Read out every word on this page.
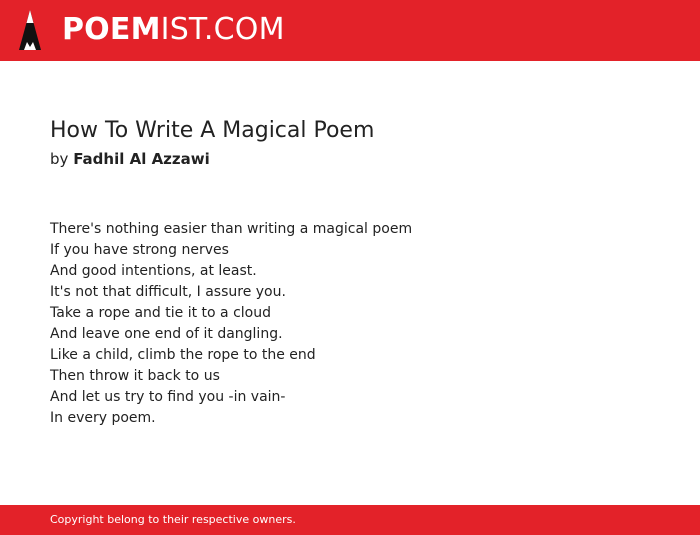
POEMIST.COM
How To Write A Magical Poem
by Fadhil Al Azzawi
There's nothing easier than writing a magical poem
If you have strong nerves
And good intentions, at least.
It's not that difficult, I assure you.
Take a rope and tie it to a cloud
And leave one end of it dangling.
Like a child, climb the rope to the end
Then throw it back to us
And let us try to find you -in vain-
In every poem.
Copyright belong to their respective owners.
